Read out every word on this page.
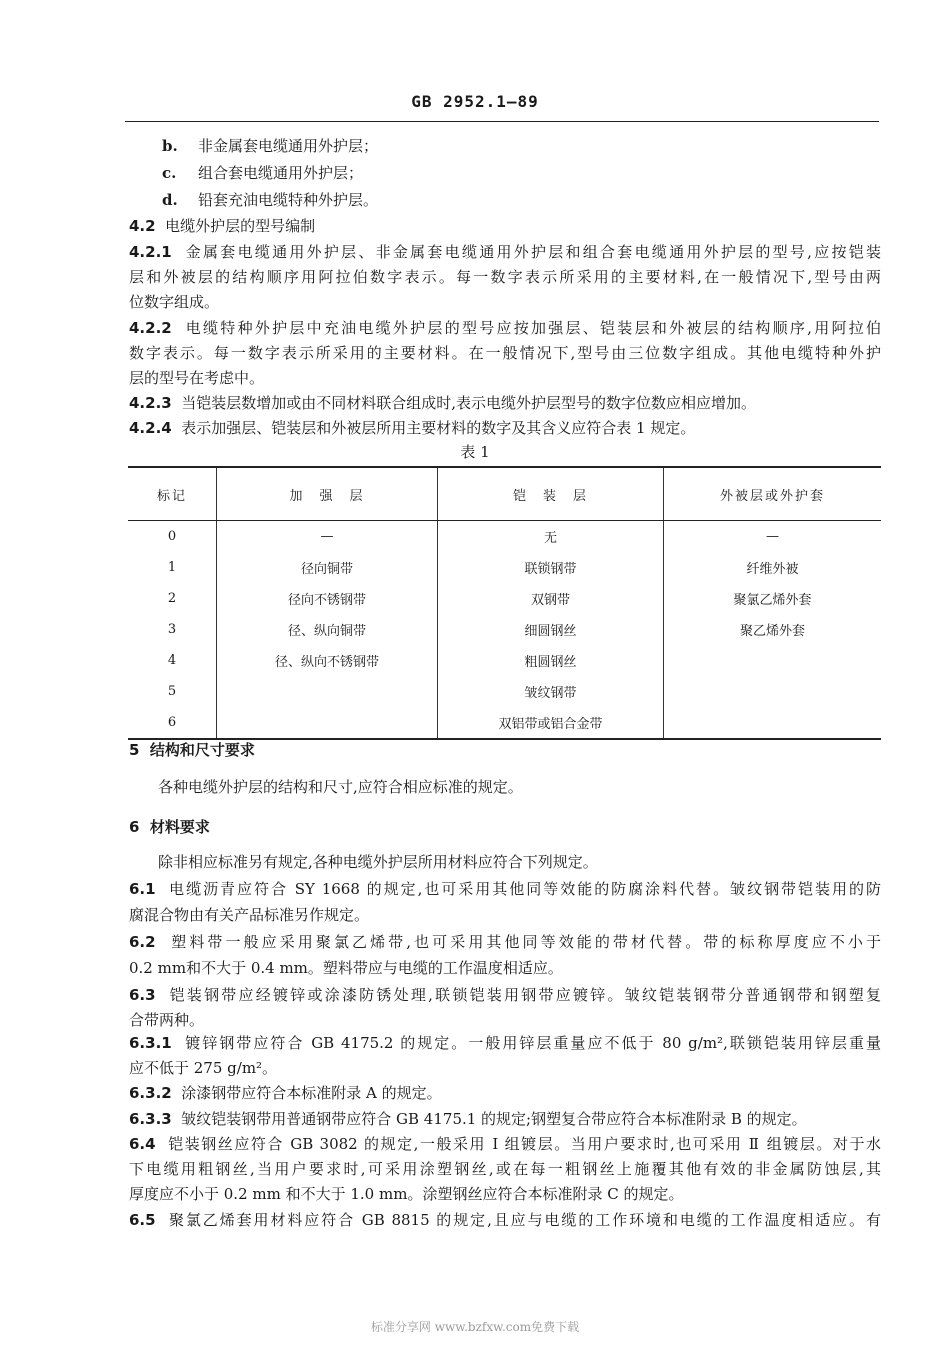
GB 2952.1—89
b. 非金属套电缆通用外护层；
c. 组合套电缆通用外护层；
d. 铅套充油电缆特种外护层。
4.2 电缆外护层的型号编制
4.2.1 金属套电缆通用外护层、非金属套电缆通用外护层和组合套电缆通用外护层的型号,应按铠装
层和外被层的结构顺序用阿拉伯数字表示。每一数字表示所采用的主要材料,在一般情况下,型号由两
位数字组成。
4.2.2 电缆特种外护层中充油电缆外护层的型号应按加强层、铠装层和外被层的结构顺序,用阿拉伯
数字表示。每一数字表示所采用的主要材料。在一般情况下,型号由三位数字组成。其他电缆特种外护
层的型号在考虑中。
4.2.3 当铠装层数增加或由不同材料联合组成时,表示电缆外护层型号的数字位数应相应增加。
4.2.4 表示加强层、铠装层和外被层所用主要材料的数字及其含义应符合表 1 规定。
表 1
标记	加　强　层	铠　装　层	外被层或外护套
0	—	无	—
1	径向铜带	联锁钢带	纤维外被
2	径向不锈钢带	双钢带	聚氯乙烯外套
3	径、纵向铜带	细圆钢丝	聚乙烯外套
4	径、纵向不锈钢带	粗圆钢丝	
5		皱纹钢带	
6		双铝带或铝合金带	
5 结构和尺寸要求
各种电缆外护层的结构和尺寸,应符合相应标准的规定。
6 材料要求
除非相应标准另有规定,各种电缆外护层所用材料应符合下列规定。
6.1 电缆沥青应符合 SY 1668 的规定,也可采用其他同等效能的防腐涂料代替。皱纹钢带铠装用的防
腐混合物由有关产品标准另作规定。
6.2 塑料带一般应采用聚氯乙烯带,也可采用其他同等效能的带材代替。带的标称厚度应不小于
0.2 mm和不大于 0.4 mm。塑料带应与电缆的工作温度相适应。
6.3 铠装钢带应经镀锌或涂漆防锈处理,联锁铠装用钢带应镀锌。皱纹铠装钢带分普通钢带和钢塑复
合带两种。
6.3.1 镀锌钢带应符合 GB 4175.2 的规定。一般用锌层重量应不低于 80 g/m²,联锁铠装用锌层重量
应不低于 275 g/m²。
6.3.2 涂漆钢带应符合本标准附录 A 的规定。
6.3.3 皱纹铠装钢带用普通钢带应符合 GB 4175.1 的规定;钢塑复合带应符合本标准附录 B 的规定。
6.4 铠装钢丝应符合 GB 3082 的规定,一般采用 I 组镀层。当用户要求时,也可采用 Ⅱ 组镀层。对于水
下电缆用粗钢丝,当用户要求时,可采用涂塑钢丝,或在每一粗钢丝上施覆其他有效的非金属防蚀层,其
厚度应不小于 0.2 mm 和不大于 1.0 mm。涂塑钢丝应符合本标准附录 C 的规定。
6.5 聚氯乙烯套用材料应符合 GB 8815 的规定,且应与电缆的工作环境和电缆的工作温度相适应。有
标准分享网 www.bzfxw.com免费下载
